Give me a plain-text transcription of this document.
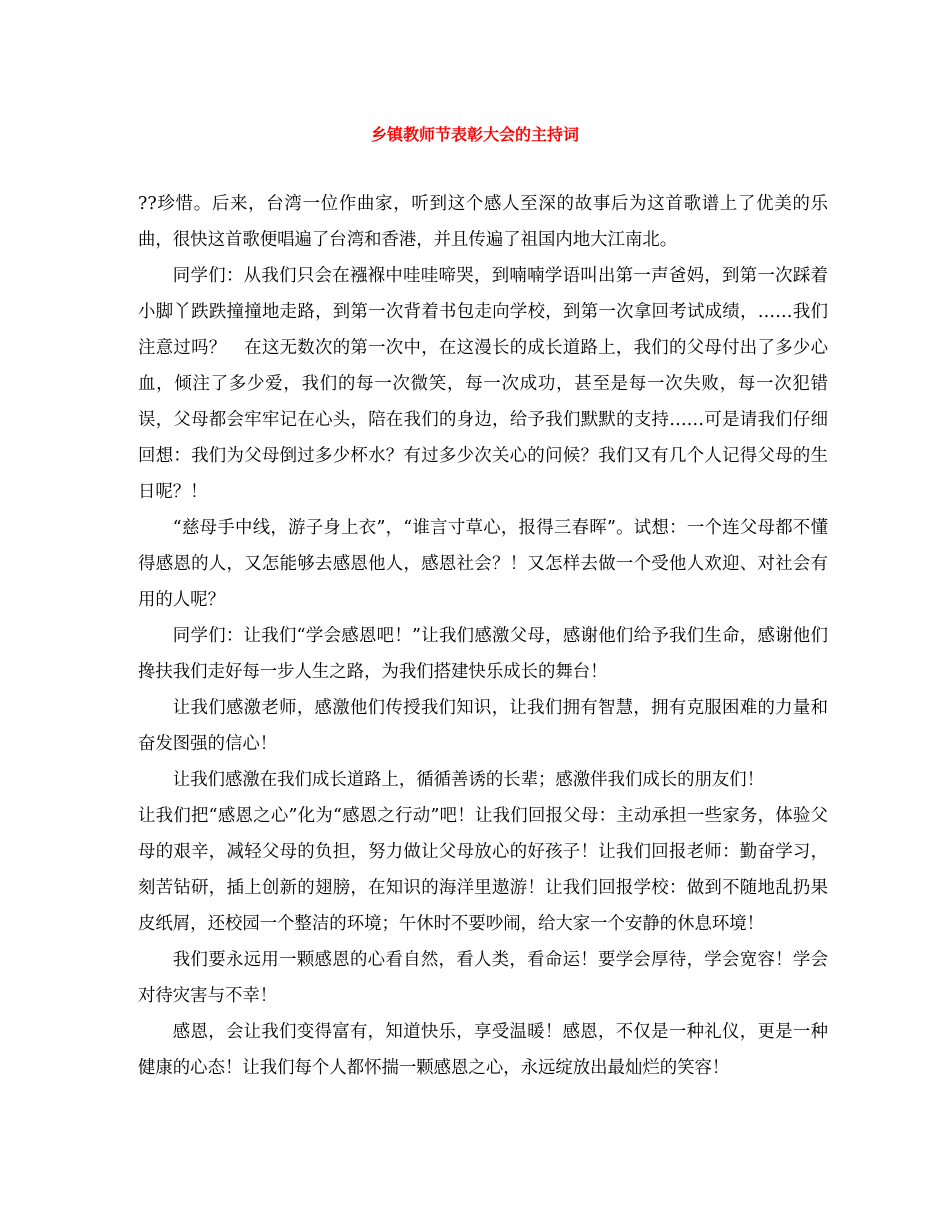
乡镇教师节表彰大会的主持词

??珍惜。后来，台湾一位作曲家，听到这个感人至深的故事后为这首歌谱上了优美的乐曲，很快这首歌便唱遍了台湾和香港，并且传遍了祖国内地大江南北。

同学们：从我们只会在襁褓中哇哇啼哭，到喃喃学语叫出第一声爸妈，到第一次踩着小脚丫跌跌撞撞地走路，到第一次背着书包走向学校，到第一次拿回考试成绩，……我们注意过吗？　在这无数次的第一次中，在这漫长的成长道路上，我们的父母付出了多少心血，倾注了多少爱，我们的每一次微笑，每一次成功，甚至是每一次失败，每一次犯错误，父母都会牢牢记在心头，陪在我们的身边，给予我们默默的支持……可是请我们仔细回想：我们为父母倒过多少杯水？有过多少次关心的问候？我们又有几个人记得父母的生日呢？！

“慈母手中线，游子身上衣”，“谁言寸草心，报得三春晖”。试想：一个连父母都不懂得感恩的人，又怎能够去感恩他人，感恩社会？！又怎样去做一个受他人欢迎、对社会有用的人呢？

同学们：让我们“学会感恩吧！”让我们感激父母，感谢他们给予我们生命，感谢他们搀扶我们走好每一步人生之路，为我们搭建快乐成长的舞台！

让我们感激老师，感激他们传授我们知识，让我们拥有智慧，拥有克服困难的力量和奋发图强的信心！

让我们感激在我们成长道路上，循循善诱的长辈；感激伴我们成长的朋友们！

让我们把“感恩之心”化为“感恩之行动”吧！让我们回报父母：主动承担一些家务，体验父母的艰辛，减轻父母的负担，努力做让父母放心的好孩子！让我们回报老师：勤奋学习，刻苦钻研，插上创新的翅膀，在知识的海洋里遨游！让我们回报学校：做到不随地乱扔果皮纸屑，还校园一个整洁的环境；午休时不要吵闹，给大家一个安静的休息环境！

我们要永远用一颗感恩的心看自然，看人类，看命运！要学会厚待，学会宽容！学会对待灾害与不幸！

感恩，会让我们变得富有，知道快乐，享受温暖！感恩，不仅是一种礼仪，更是一种健康的心态！让我们每个人都怀揣一颗感恩之心，永远绽放出最灿烂的笑容！
